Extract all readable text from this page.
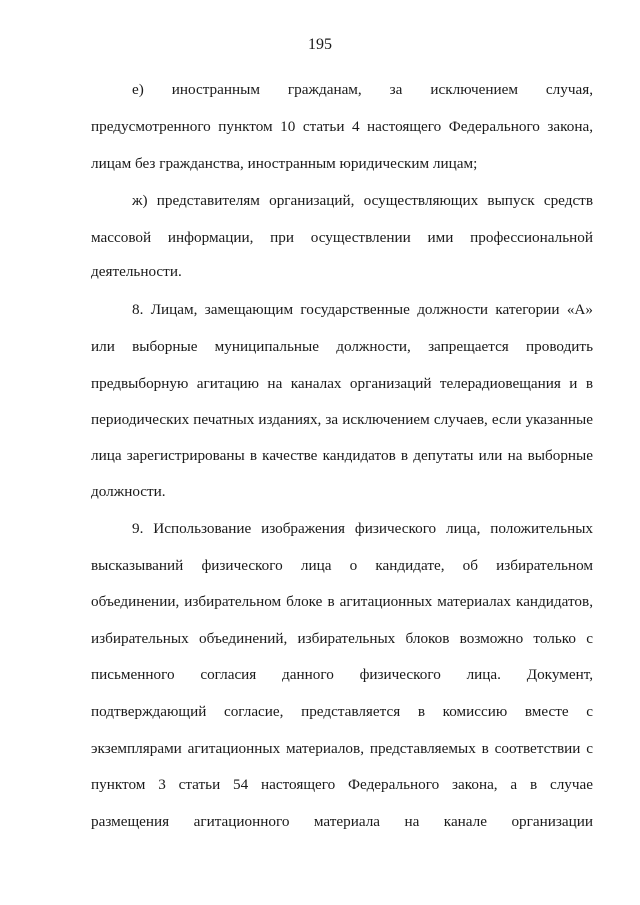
195
е) иностранным гражданам, за исключением случая,
предусмотренного пунктом 10 статьи 4 настоящего Федерального закона,
лицам без гражданства, иностранным юридическим лицам;
ж) представителям организаций, осуществляющих выпуск средств
массовой информации, при осуществлении ими профессиональной
деятельности.
8. Лицам, замещающим государственные должности категории «А»
или выборные муниципальные должности, запрещается проводить
предвыборную агитацию на каналах организаций телерадиовещания и в
периодических печатных изданиях, за исключением случаев, если указанные
лица зарегистрированы в качестве кандидатов в депутаты или на выборные
должности.
9. Использование изображения физического лица, положительных
высказываний физического лица о кандидате, об избирательном
объединении, избирательном блоке в агитационных материалах кандидатов,
избирательных объединений, избирательных блоков возможно только с
письменного согласия данного физического лица. Документ,
подтверждающий согласие, представляется в комиссию вместе с
экземплярами агитационных материалов, представляемых в соответствии с
пунктом 3 статьи 54 настоящего Федерального закона, а в случае
размещения агитационного материала на канале организации
